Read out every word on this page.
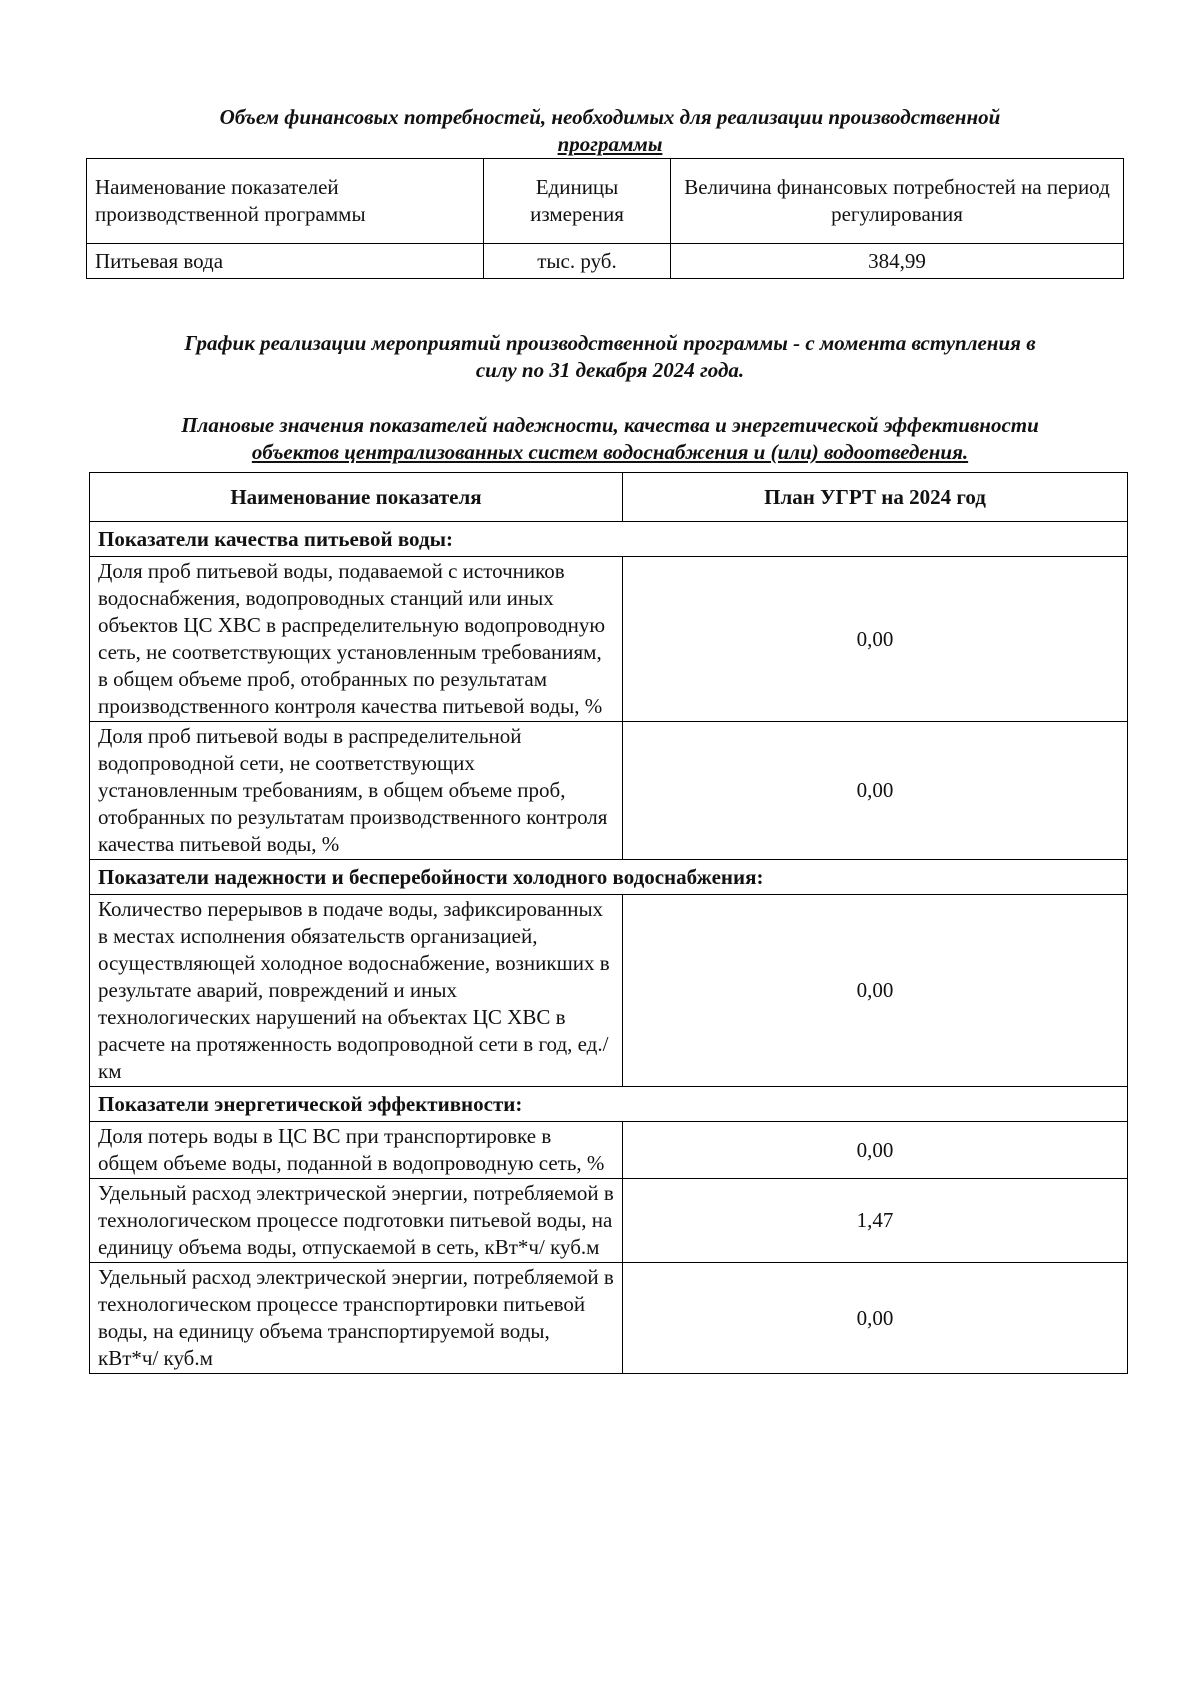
Объем финансовых потребностей, необходимых для реализации производственной
программы
Наименование показателей производственной программы	Единицы измерения	Величина финансовых потребностей на период регулирования
Питьевая вода	тыс. руб.	384,99
График реализации мероприятий производственной программы - с момента вступления в
силу по 31 декабря 2024 года.
Плановые значения показателей надежности, качества и энергетической эффективности
объектов централизованных систем водоснабжения и (или) водоотведения.
Наименование показателя	План УГРТ на 2024 год
Показатели качества питьевой воды:	
Доля проб питьевой воды, подаваемой с источников водоснабжения, водопроводных станций или иных объектов ЦС ХВС в распределительную водопроводную сеть, не соответствующих установленным требованиям, в общем объеме проб, отобранных по результатам производственного контроля качества питьевой воды, %	0,00
Доля проб питьевой воды в распределительной водопроводной сети, не соответствующих установленным требованиям, в общем объеме проб, отобранных по результатам производственного контроля качества питьевой воды, %	0,00
Показатели надежности и бесперебойности холодного водоснабжения:	
Количество перерывов в подаче воды, зафиксированных в местах исполнения обязательств организацией, осуществляющей холодное водоснабжение, возникших в результате аварий, повреждений и иных технологических нарушений на объектах ЦС ХВС в расчете на протяженность водопроводной сети в год, ед./км	0,00
Показатели энергетической эффективности:	
Доля потерь воды в ЦС ВС при транспортировке в общем объеме воды, поданной в водопроводную сеть, %	0,00
Удельный расход электрической энергии, потребляемой в технологическом процессе подготовки питьевой воды, на единицу объема воды, отпускаемой в сеть, кВт*ч/ куб.м	1,47
Удельный расход электрической энергии, потребляемой в технологическом процессе транспортировки питьевой воды, на единицу объема транспортируемой воды, кВт*ч/ куб.м	0,00
